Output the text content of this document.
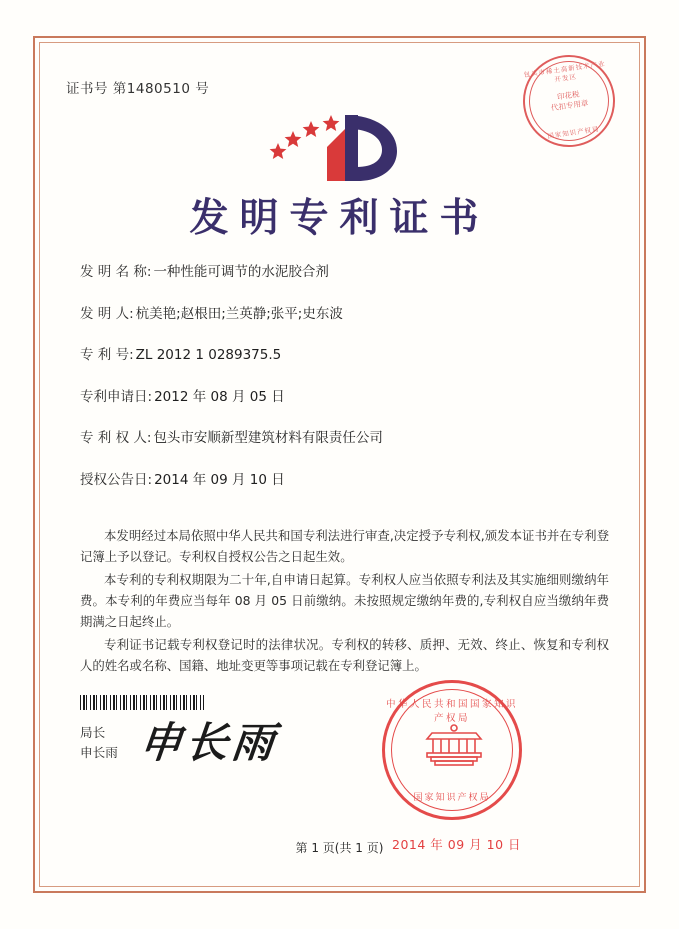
证书号 第1480510 号
包头市稀土高新技术产业开发区
印花税
代扣专用章
国家知识产权局
发明专利证书
发 明 名 称: 一种性能可调节的水泥胶合剂
发 明 人: 杭美艳;赵根田;兰英静;张平;史东波
专 利 号: ZL 2012 1 0289375.5
专利申请日: 2012 年 08 月 05 日
专 利 权 人: 包头市安顺新型建筑材料有限责任公司
授权公告日: 2014 年 09 月 10 日

本发明经过本局依照中华人民共和国专利法进行审查,决定授予专利权,颁发本证书并在专利登记簿上予以登记。专利权自授权公告之日起生效。

本专利的专利权期限为二十年,自申请日起算。专利权人应当依照专利法及其实施细则缴纳年费。本专利的年费应当每年 08 月 05 日前缴纳。未按照规定缴纳年费的,专利权自应当缴纳年费期满之日起终止。

专利证书记载专利权登记时的法律状况。专利权的转移、质押、无效、终止、恢复和专利权人的姓名或名称、国籍、地址变更等事项记载在专利登记簿上。

局长
申长雨 申长雨
中华人民共和国国家知识产权局
国家知识产权局
2014 年 09 月 10 日
第 1 页(共 1 页)
